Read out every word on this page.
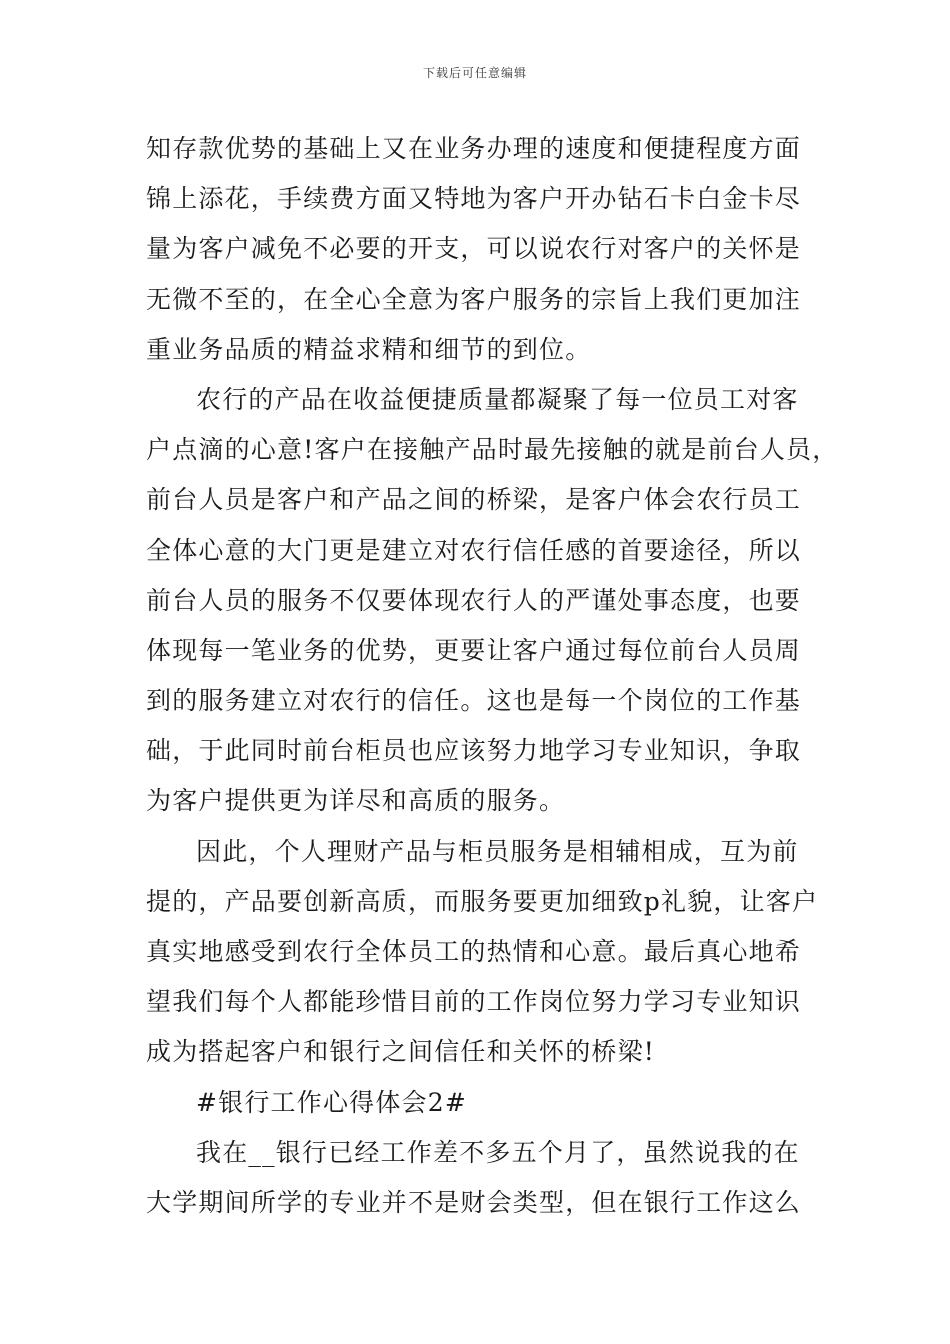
下载后可任意编辑
知存款优势的基础上又在业务办理的速度和便捷程度方面
锦上添花，手续费方面又特地为客户开办钻石卡白金卡尽
量为客户减免不必要的开支，可以说农行对客户的关怀是
无微不至的，在全心全意为客户服务的宗旨上我们更加注
重业务品质的精益求精和细节的到位。
农行的产品在收益便捷质量都凝聚了每一位员工对客
户点滴的心意!客户在接触产品时最先接触的就是前台人员，
前台人员是客户和产品之间的桥梁，是客户体会农行员工
全体心意的大门更是建立对农行信任感的首要途径，所以
前台人员的服务不仅要体现农行人的严谨处事态度，也要
体现每一笔业务的优势，更要让客户通过每位前台人员周
到的服务建立对农行的信任。这也是每一个岗位的工作基
础，于此同时前台柜员也应该努力地学习专业知识，争取
为客户提供更为详尽和高质的服务。
因此，个人理财产品与柜员服务是相辅相成，互为前
提的，产品要创新高质，而服务要更加细致p礼貌，让客户
真实地感受到农行全体员工的热情和心意。最后真心地希
望我们每个人都能珍惜目前的工作岗位努力学习专业知识
成为搭起客户和银行之间信任和关怀的桥梁!
#银行工作心得体会2#
我在__银行已经工作差不多五个月了，虽然说我的在
大学期间所学的专业并不是财会类型，但在银行工作这么
